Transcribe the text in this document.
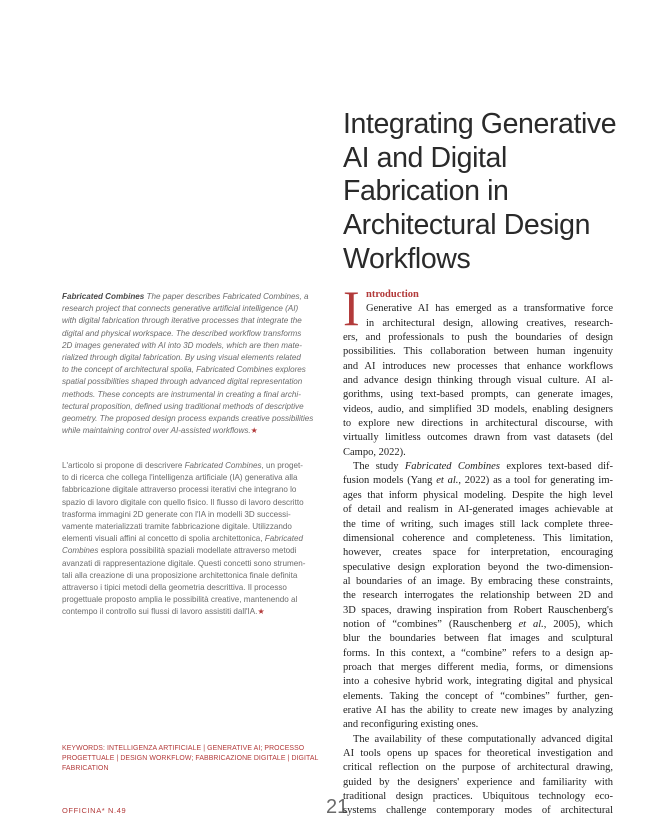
Integrating Generative
AI and Digital
Fabrication in
Architectural Design
Workflows
Fabricated Combines The paper describes Fabricated Combines, a
research project that connects generative artificial intelligence (AI)
with digital fabrication through iterative processes that integrate the
digital and physical workspace. The described workflow transforms
2D images generated with AI into 3D models, which are then mate-
rialized through digital fabrication. By using visual elements related
to the concept of architectural spolia, Fabricated Combines explores
spatial possibilities shaped through advanced digital representation
methods. These concepts are instrumental in creating a final archi-
tectural proposition, defined using traditional methods of descriptive
geometry. The proposed design process expands creative possibilities
while maintaining control over AI-assisted workflows.★
L'articolo si propone di descrivere Fabricated Combines, un proget-
to di ricerca che collega l'intelligenza artificiale (IA) generativa alla
fabbricazione digitale attraverso processi iterativi che integrano lo
spazio di lavoro digitale con quello fisico. Il flusso di lavoro descritto
trasforma immagini 2D generate con l'IA in modelli 3D successi-
vamente materializzati tramite fabbricazione digitale. Utilizzando
elementi visuali affini al concetto di spolia architettonica, Fabricated
Combines esplora possibilità spaziali modellate attraverso metodi
avanzati di rappresentazione digitale. Questi concetti sono strumen-
tali alla creazione di una proposizione architettonica finale definita
attraverso i tipici metodi della geometria descrittiva. Il processo
progettuale proposto amplia le possibilità creative, mantenendo al
contempo il controllo sui flussi di lavoro assistiti dall'IA.★
KEYWORDS: INTELLIGENZA ARTIFICIALE | GENERATIVE AI; PROCESSO
PROGETTUALE | DESIGN WORKFLOW; FABBRICAZIONE DIGITALE | DIGITAL
FABRICATION
OFFICINA* N.49	21
I ntroduction
Generative AI has emerged as a transformative force
in architectural design, allowing creatives, research-
ers, and professionals to push the boundaries of design
possibilities. This collaboration between human ingenuity
and AI introduces new processes that enhance workflows
and advance design thinking through visual culture. AI al-
gorithms, using text-based prompts, can generate images,
videos, audio, and simplified 3D models, enabling designers
to explore new directions in architectural discourse, with
virtually limitless outcomes drawn from vast datasets (del
Campo, 2022).
The study Fabricated Combines explores text-based dif-
fusion models (Yang et al., 2022) as a tool for generating im-
ages that inform physical modeling. Despite the high level
of detail and realism in AI-generated images achievable at
the time of writing, such images still lack complete three-
dimensional coherence and completeness. This limitation,
however, creates space for interpretation, encouraging
speculative design exploration beyond the two-dimension-
al boundaries of an image. By embracing these constraints,
the research interrogates the relationship between 2D and
3D spaces, drawing inspiration from Robert Rauschenberg's
notion of “combines” (Rauschenberg et al., 2005), which
blur the boundaries between flat images and sculptural
forms. In this context, a “combine” refers to a design ap-
proach that merges different media, forms, or dimensions
into a cohesive hybrid work, integrating digital and physical
elements. Taking the concept of “combines” further, gen-
erative AI has the ability to create new images by analyzing
and reconfiguring existing ones.
The availability of these computationally advanced digital
AI tools opens up spaces for theoretical investigation and
critical reflection on the purpose of architectural drawing,
guided by the designers' experience and familiarity with
traditional design practices. Ubiquitous technology eco-
systems challenge contemporary modes of architectural
